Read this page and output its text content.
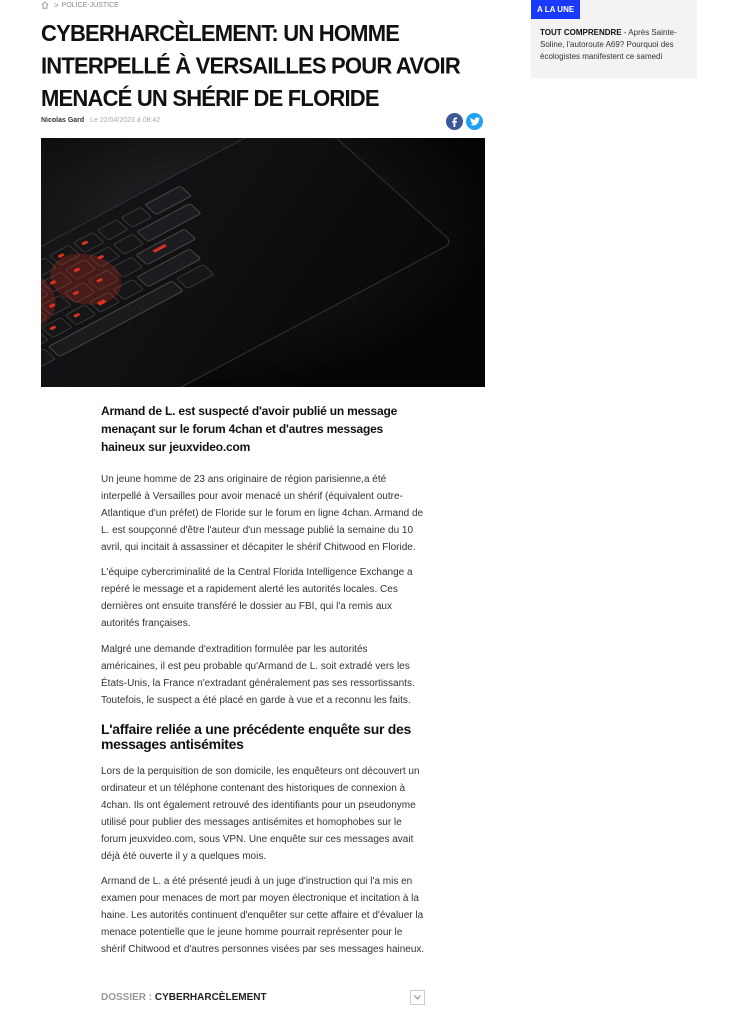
> POLICE-JUSTICE
CYBERHARCÈLEMENT: UN HOMME INTERPELLÉ À VERSAILLES POUR AVOIR MENACÉ UN SHÉRIF DE FLORIDE
Nicolas Gard Le 22/04/2023 à 08:42

Armand de L. est suspecté d'avoir publié un message menaçant sur le forum 4chan et d'autres messages haineux sur jeuxvideo.com

Un jeune homme de 23 ans originaire de région parisienne,a été interpellé à Versailles pour avoir menacé un shérif (équivalent outre-Atlantique d'un préfet) de Floride sur le forum en ligne 4chan. Armand de L. est soupçonné d'être l'auteur d'un message publié la semaine du 10 avril, qui incitait à assassiner et décapiter le shérif Chitwood en Floride.

L'équipe cybercriminalité de la Central Florida Intelligence Exchange a repéré le message et a rapidement alerté les autorités locales. Ces dernières ont ensuite transféré le dossier au FBI, qui l'a remis aux autorités françaises.

Malgré une demande d'extradition formulée par les autorités américaines, il est peu probable qu'Armand de L. soit extradé vers les États-Unis, la France n'extradant généralement pas ses ressortissants. Toutefois, le suspect a été placé en garde à vue et a reconnu les faits.

L'affaire reliée a une précédente enquête sur des messages antisémites

Lors de la perquisition de son domicile, les enquêteurs ont découvert un ordinateur et un téléphone contenant des historiques de connexion à 4chan. Ils ont également retrouvé des identifiants pour un pseudonyme utilisé pour publier des messages antisémites et homophobes sur le forum jeuxvideo.com, sous VPN. Une enquête sur ces messages avait déjà été ouverte il y a quelques mois.

Armand de L. a été présenté jeudi à un juge d'instruction qui l'a mis en examen pour menaces de mort par moyen électronique et incitation à la haine. Les autorités continuent d'enquêter sur cette affaire et d'évaluer la menace potentielle que le jeune homme pourrait représenter pour le shérif Chitwood et d'autres personnes visées par ses messages haineux.

DOSSIER : CYBERHARCÈLEMENT
A LA UNE
TOUT COMPRENDRE - Après Sainte-Soline, l'autoroute A69? Pourquoi des écologistes manifestent ce samedi
